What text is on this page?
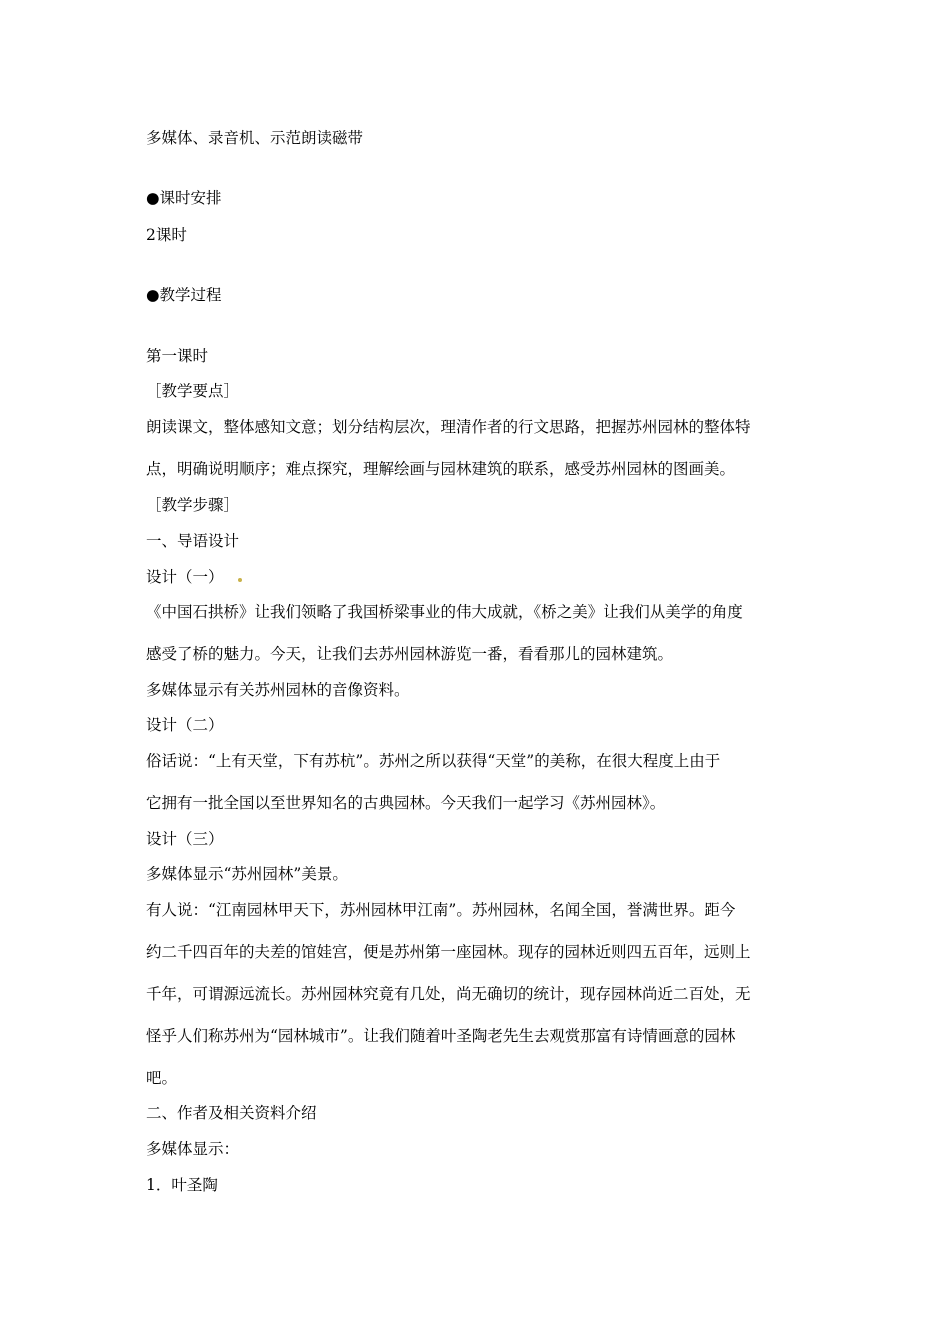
多媒体、录音机、示范朗读磁带
●课时安排
2课时
●教学过程
第一课时
［教学要点］
朗读课文，整体感知文意；划分结构层次，理清作者的行文思路，把握苏州园林的整体特
点，明确说明顺序；难点探究，理解绘画与园林建筑的联系，感受苏州园林的图画美。
［教学步骤］
一、导语设计
设计（一）
《中国石拱桥》让我们领略了我国桥梁事业的伟大成就，《桥之美》让我们从美学的角度
感受了桥的魅力。今天，让我们去苏州园林游览一番，看看那儿的园林建筑。
多媒体显示有关苏州园林的音像资料。
设计（二）
俗话说：“上有天堂，下有苏杭”。苏州之所以获得“天堂”的美称，在很大程度上由于
它拥有一批全国以至世界知名的古典园林。今天我们一起学习《苏州园林》。
设计（三）
多媒体显示“苏州园林”美景。
有人说：“江南园林甲天下，苏州园林甲江南”。苏州园林，名闻全国，誉满世界。距今
约二千四百年的夫差的馆娃宫，便是苏州第一座园林。现存的园林近则四五百年，远则上
千年，可谓源远流长。苏州园林究竟有几处，尚无确切的统计，现存园林尚近二百处，无
怪乎人们称苏州为“园林城市”。让我们随着叶圣陶老先生去观赏那富有诗情画意的园林
吧。
二、作者及相关资料介绍
多媒体显示：
1．叶圣陶
